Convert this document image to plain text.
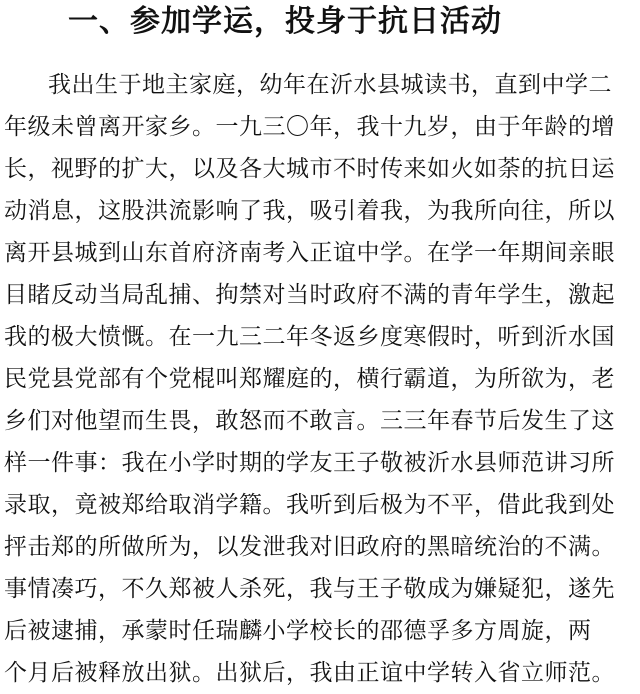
一、参加学运，投身于抗日活动
我出生于地主家庭，幼年在沂水县城读书，直到中学二
年级未曾离开家乡。一九三〇年，我十九岁，由于年龄的增
长，视野的扩大，以及各大城市不时传来如火如荼的抗日运
动消息，这股洪流影响了我，吸引着我，为我所向往，所以
离开县城到山东首府济南考入正谊中学。在学一年期间亲眼
目睹反动当局乱捕、拘禁对当时政府不满的青年学生，激起
我的极大愤慨。在一九三二年冬返乡度寒假时，听到沂水国
民党县党部有个党棍叫郑耀庭的，横行霸道，为所欲为，老
乡们对他望而生畏，敢怒而不敢言。三三年春节后发生了这
样一件事：我在小学时期的学友王子敬被沂水县师范讲习所
录取，竟被郑给取消学籍。我听到后极为不平，借此我到处
抨击郑的所做所为，以发泄我对旧政府的黑暗统治的不满。
事情凑巧，不久郑被人杀死，我与王子敬成为嫌疑犯，遂先
后被逮捕，承蒙时任瑞麟小学校长的邵德孚多方周旋，两
个月后被释放出狱。出狱后，我由正谊中学转入省立师范。
